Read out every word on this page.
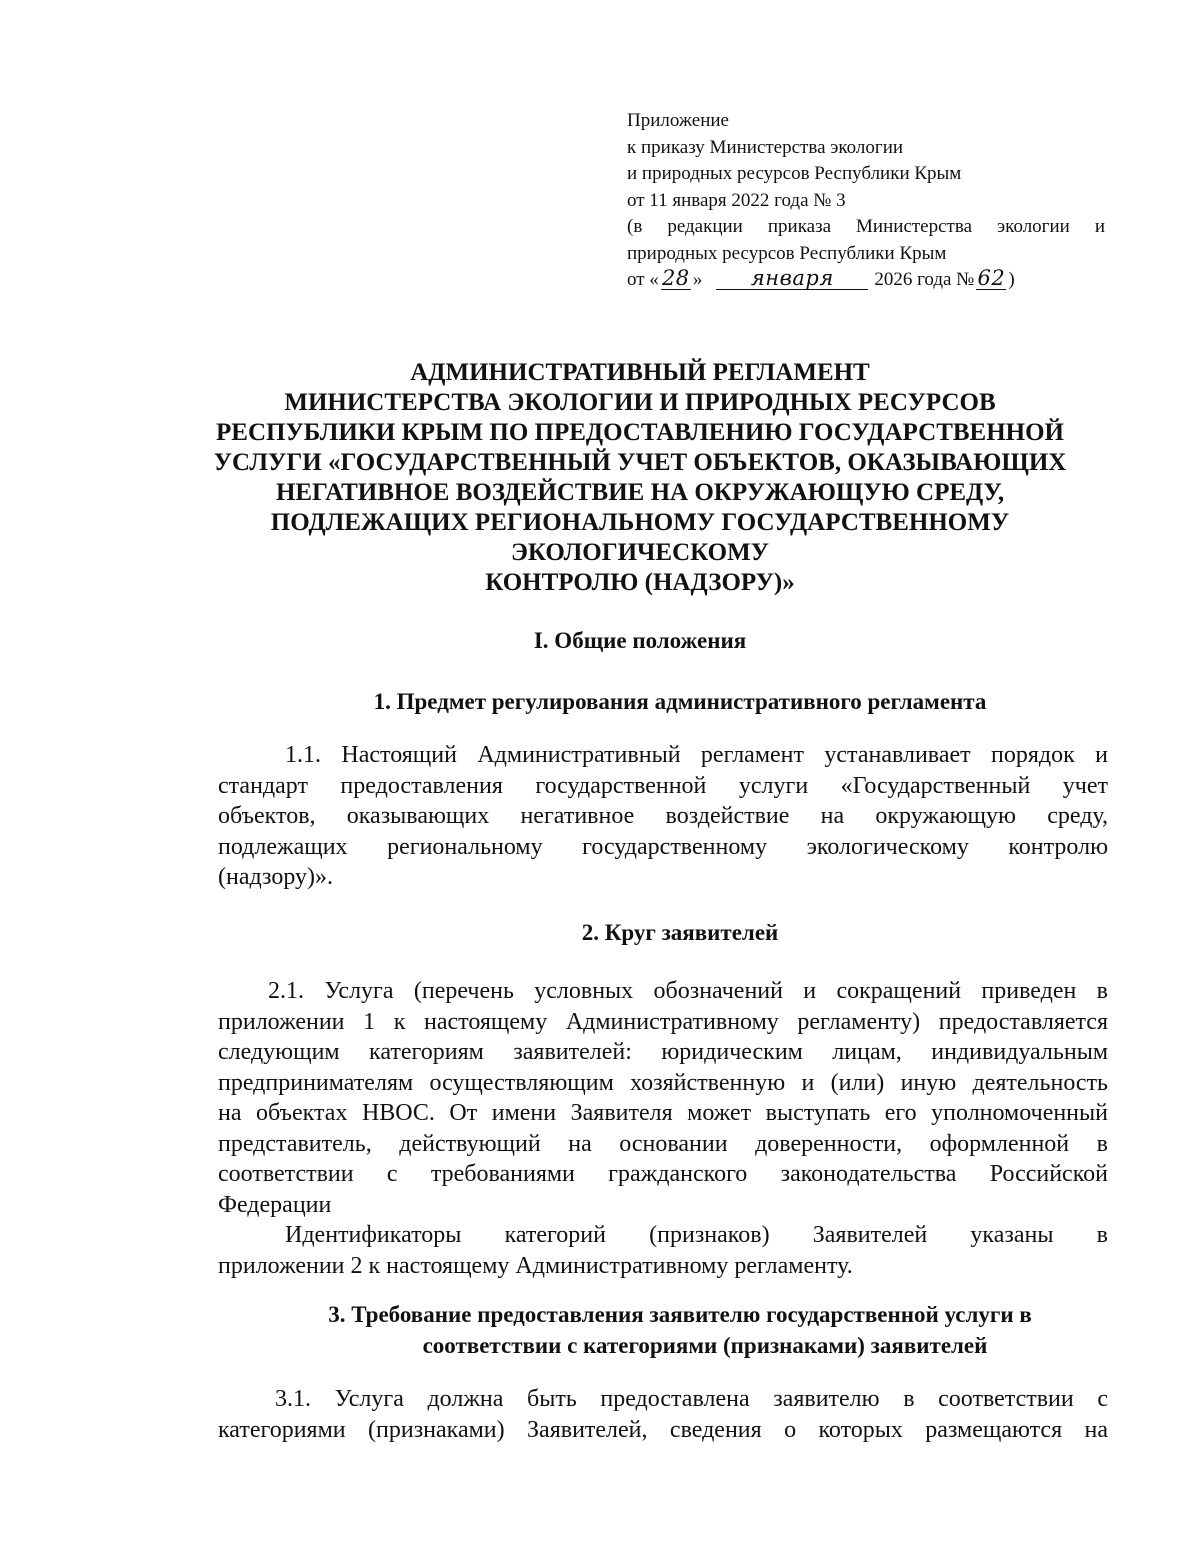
Приложение
к приказу Министерства экологии
и природных ресурсов Республики Крым
от 11 января 2022 года № 3
(в редакции приказа Министерства экологии и
природных ресурсов Республики Крым
от « 28 »	января	2026 года № 62 )
АДМИНИСТРАТИВНЫЙ РЕГЛАМЕНТ
МИНИСТЕРСТВА ЭКОЛОГИИ И ПРИРОДНЫХ РЕСУРСОВ
РЕСПУБЛИКИ КРЫМ ПО ПРЕДОСТАВЛЕНИЮ ГОСУДАРСТВЕННОЙ
УСЛУГИ «ГОСУДАРСТВЕННЫЙ УЧЕТ ОБЪЕКТОВ, ОКАЗЫВАЮЩИХ
НЕГАТИВНОЕ ВОЗДЕЙСТВИЕ НА ОКРУЖАЮЩУЮ СРЕДУ,
ПОДЛЕЖАЩИХ РЕГИОНАЛЬНОМУ ГОСУДАРСТВЕННОМУ
ЭКОЛОГИЧЕСКОМУ
КОНТРОЛЮ (НАДЗОРУ)»
I. Общие положения
1. Предмет регулирования административного регламента
1.1. Настоящий Административный регламент устанавливает порядок и
стандарт предоставления государственной услуги «Государственный учет
объектов, оказывающих негативное воздействие на окружающую среду,
подлежащих региональному государственному экологическому контролю
(надзору)».
2. Круг заявителей
2.1. Услуга (перечень условных обозначений и сокращений приведен в
приложении 1 к настоящему Административному регламенту) предоставляется
следующим категориям заявителей: юридическим лицам, индивидуальным
предпринимателям осуществляющим хозяйственную и (или) иную деятельность
на объектах НВОС. От имени Заявителя может выступать его уполномоченный
представитель, действующий на основании доверенности, оформленной в
соответствии с требованиями гражданского законодательства Российской
Федерации
Идентификаторы категорий (признаков) Заявителей указаны в
приложении 2 к настоящему Административному регламенту.
3. Требование предоставления заявителю государственной услуги в
соответствии с категориями (признаками) заявителей
3.1. Услуга должна быть предоставлена заявителю в соответствии с
категориями (признаками) Заявителей, сведения о которых размещаются на
